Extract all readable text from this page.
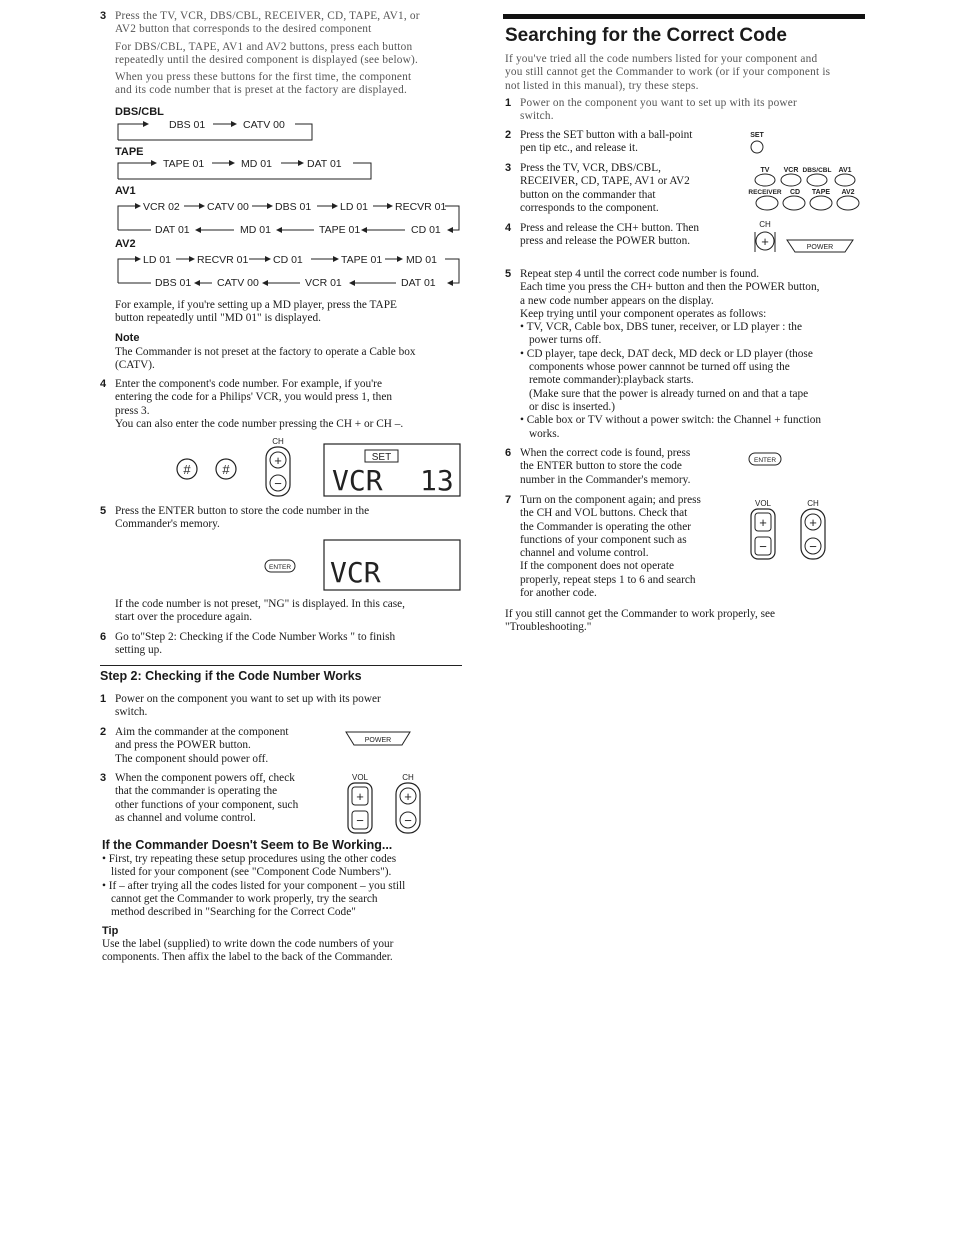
3 Press the TV, VCR, DBS/CBL, RECEIVER, CD, TAPE, AV1, or
AV2 button that corresponds to the desired component
For DBS/CBL, TAPE, AV1 and AV2 buttons, press each button
repeatedly until the desired component is displayed (see below).
When you press these buttons for the first time, the component
and its code number that is preset at the factory are displayed.
DBS/CBL
DBS 01	CATV 00
TAPE
TAPE 01	MD 01	DAT 01
AV1
VCR 02	CATV 00 DBS 01	LD 01	RECVR 01
CD 01
TAPE 01
MD 01
DAT 01
AV2
LD 01 RECVR 01 CD 01	TAPE 01 MD 01
DAT 01
VCR 01
CATV 00
DBS 01
For example, if you're setting up a MD player, press the TAPE
button repeatedly until "MD 01" is displayed.
Note
The Commander is not preset at the factory to operate a Cable box
(CATV).
4 Enter the component's code number. For example, if you're
entering the code for a Philips' VCR, you would press 1, then
press 3.
You can also enter the code number pressing the CH + or CH –.
# #
CH
+
−
SET
VCR 13
5 Press the ENTER button to store the code number in the
Commander's memory.
ENTER VCR
If the code number is not preset, "NG" is displayed. In this case,
start over the procedure again.
6 Go to"Step 2: Checking if the Code Number Works " to finish
setting up.
Step 2: Checking if the Code Number Works
1 Power on the component you want to set up with its power
switch.
2 Aim the commander at the component
and press the POWER button.
The component should power off.
POWER
3 When the component powers off, check
that the commander is operating the
other functions of your component, such
as channel and volume control.
VOL
+
−
CH
+
−
If the Commander Doesn't Seem to Be Working...
• First, try repeating these setup procedures using the other codes
listed for your component (see "Component Code Numbers").
• If – after trying all the codes listed for your component – you still
cannot get the Commander to work properly, try the search
method described in "Searching for the Correct Code"
Tip
Use the label (supplied) to write down the code numbers of your
components. Then affix the label to the back of the Commander.
Searching for the Correct Code
If you've tried all the code numbers listed for your component and
you still cannot get the Commander to work (or if your component is
not listed in this manual), try these steps.
1 Power on the component you want to set up with its power
switch.
2 Press the SET button with a ball-point
pen tip etc., and release it.
SET
3 Press the TV, VCR, DBS/CBL,
RECEIVER, CD, TAPE, AV1 or AV2
button on the commander that
corresponds to the component.
TV VCR DBS/CBL AV1
RECEIVER CD TAPE AV2
4 Press and release the CH+ button. Then
press and release the POWER button.
CH
+	POWER
5 Repeat step 4 until the correct code number is found.
Each time you press the CH+ button and then the POWER button,
a new code number appears on the display.
Keep trying until your component operates as follows:
• TV, VCR, Cable box, DBS tuner, receiver, or LD player : the
power turns off.
• CD player, tape deck, DAT deck, MD deck or LD player (those
components whose power cannnot be turned off using the
remote commander):playback starts.
(Make sure that the power is already turned on and that a tape
or disc is inserted.)
• Cable box or TV without a power switch: the Channel + function
works.
6 When the correct code is found, press
the ENTER button to store the code
number in the Commander's memory.
ENTER
7 Turn on the component again; and press
the CH and VOL buttons. Check that
the Commander is operating the other
functions of your component such as
channel and volume control.
If the component does not operate
properly, repeat steps 1 to 6 and search
for another code.
VOL
+
−
CH
+
−
If you still cannot get the Commander to work properly, see
"Troubleshooting."
